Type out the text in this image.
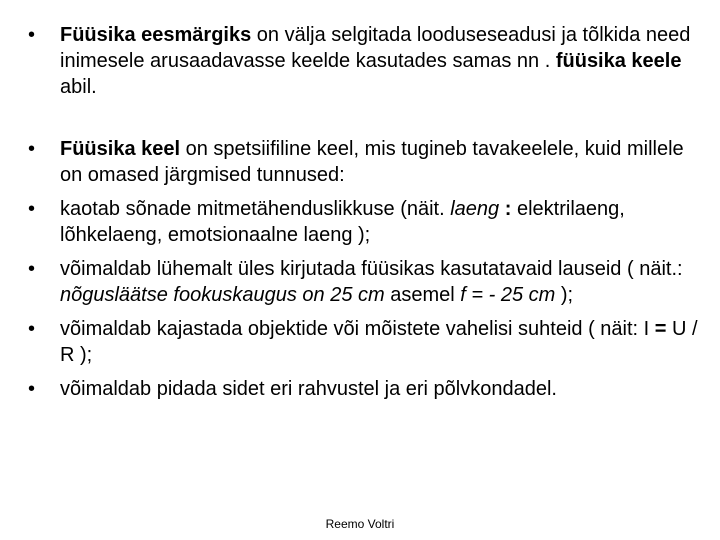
•	Füüsika eesmärgiks on välja selgitada looduseseadusi ja tõlkida need inimesele arusaadavasse keelde kasutades samas nn . füüsika keele abil.
•	Füüsika keel on spetsiifiline keel, mis tugineb tavakeelele, kuid millele on omased järgmised tunnused:
•	kaotab sõnade mitmetähenduslikkuse (näit. laeng : elektrilaeng, lõhkelaeng, emotsionaalne laeng );
•	võimaldab lühemalt üles kirjutada füüsikas kasutatavaid lauseid ( näit.: nõgusläätse fookuskaugus on 25 cm asemel f = - 25 cm );
•	võimaldab kajastada objektide või mõistete vahelisi suhteid ( näit: I = U / R );
•	võimaldab pidada sidet eri rahvustel ja eri põlvkondadel.
Reemo Voltri
